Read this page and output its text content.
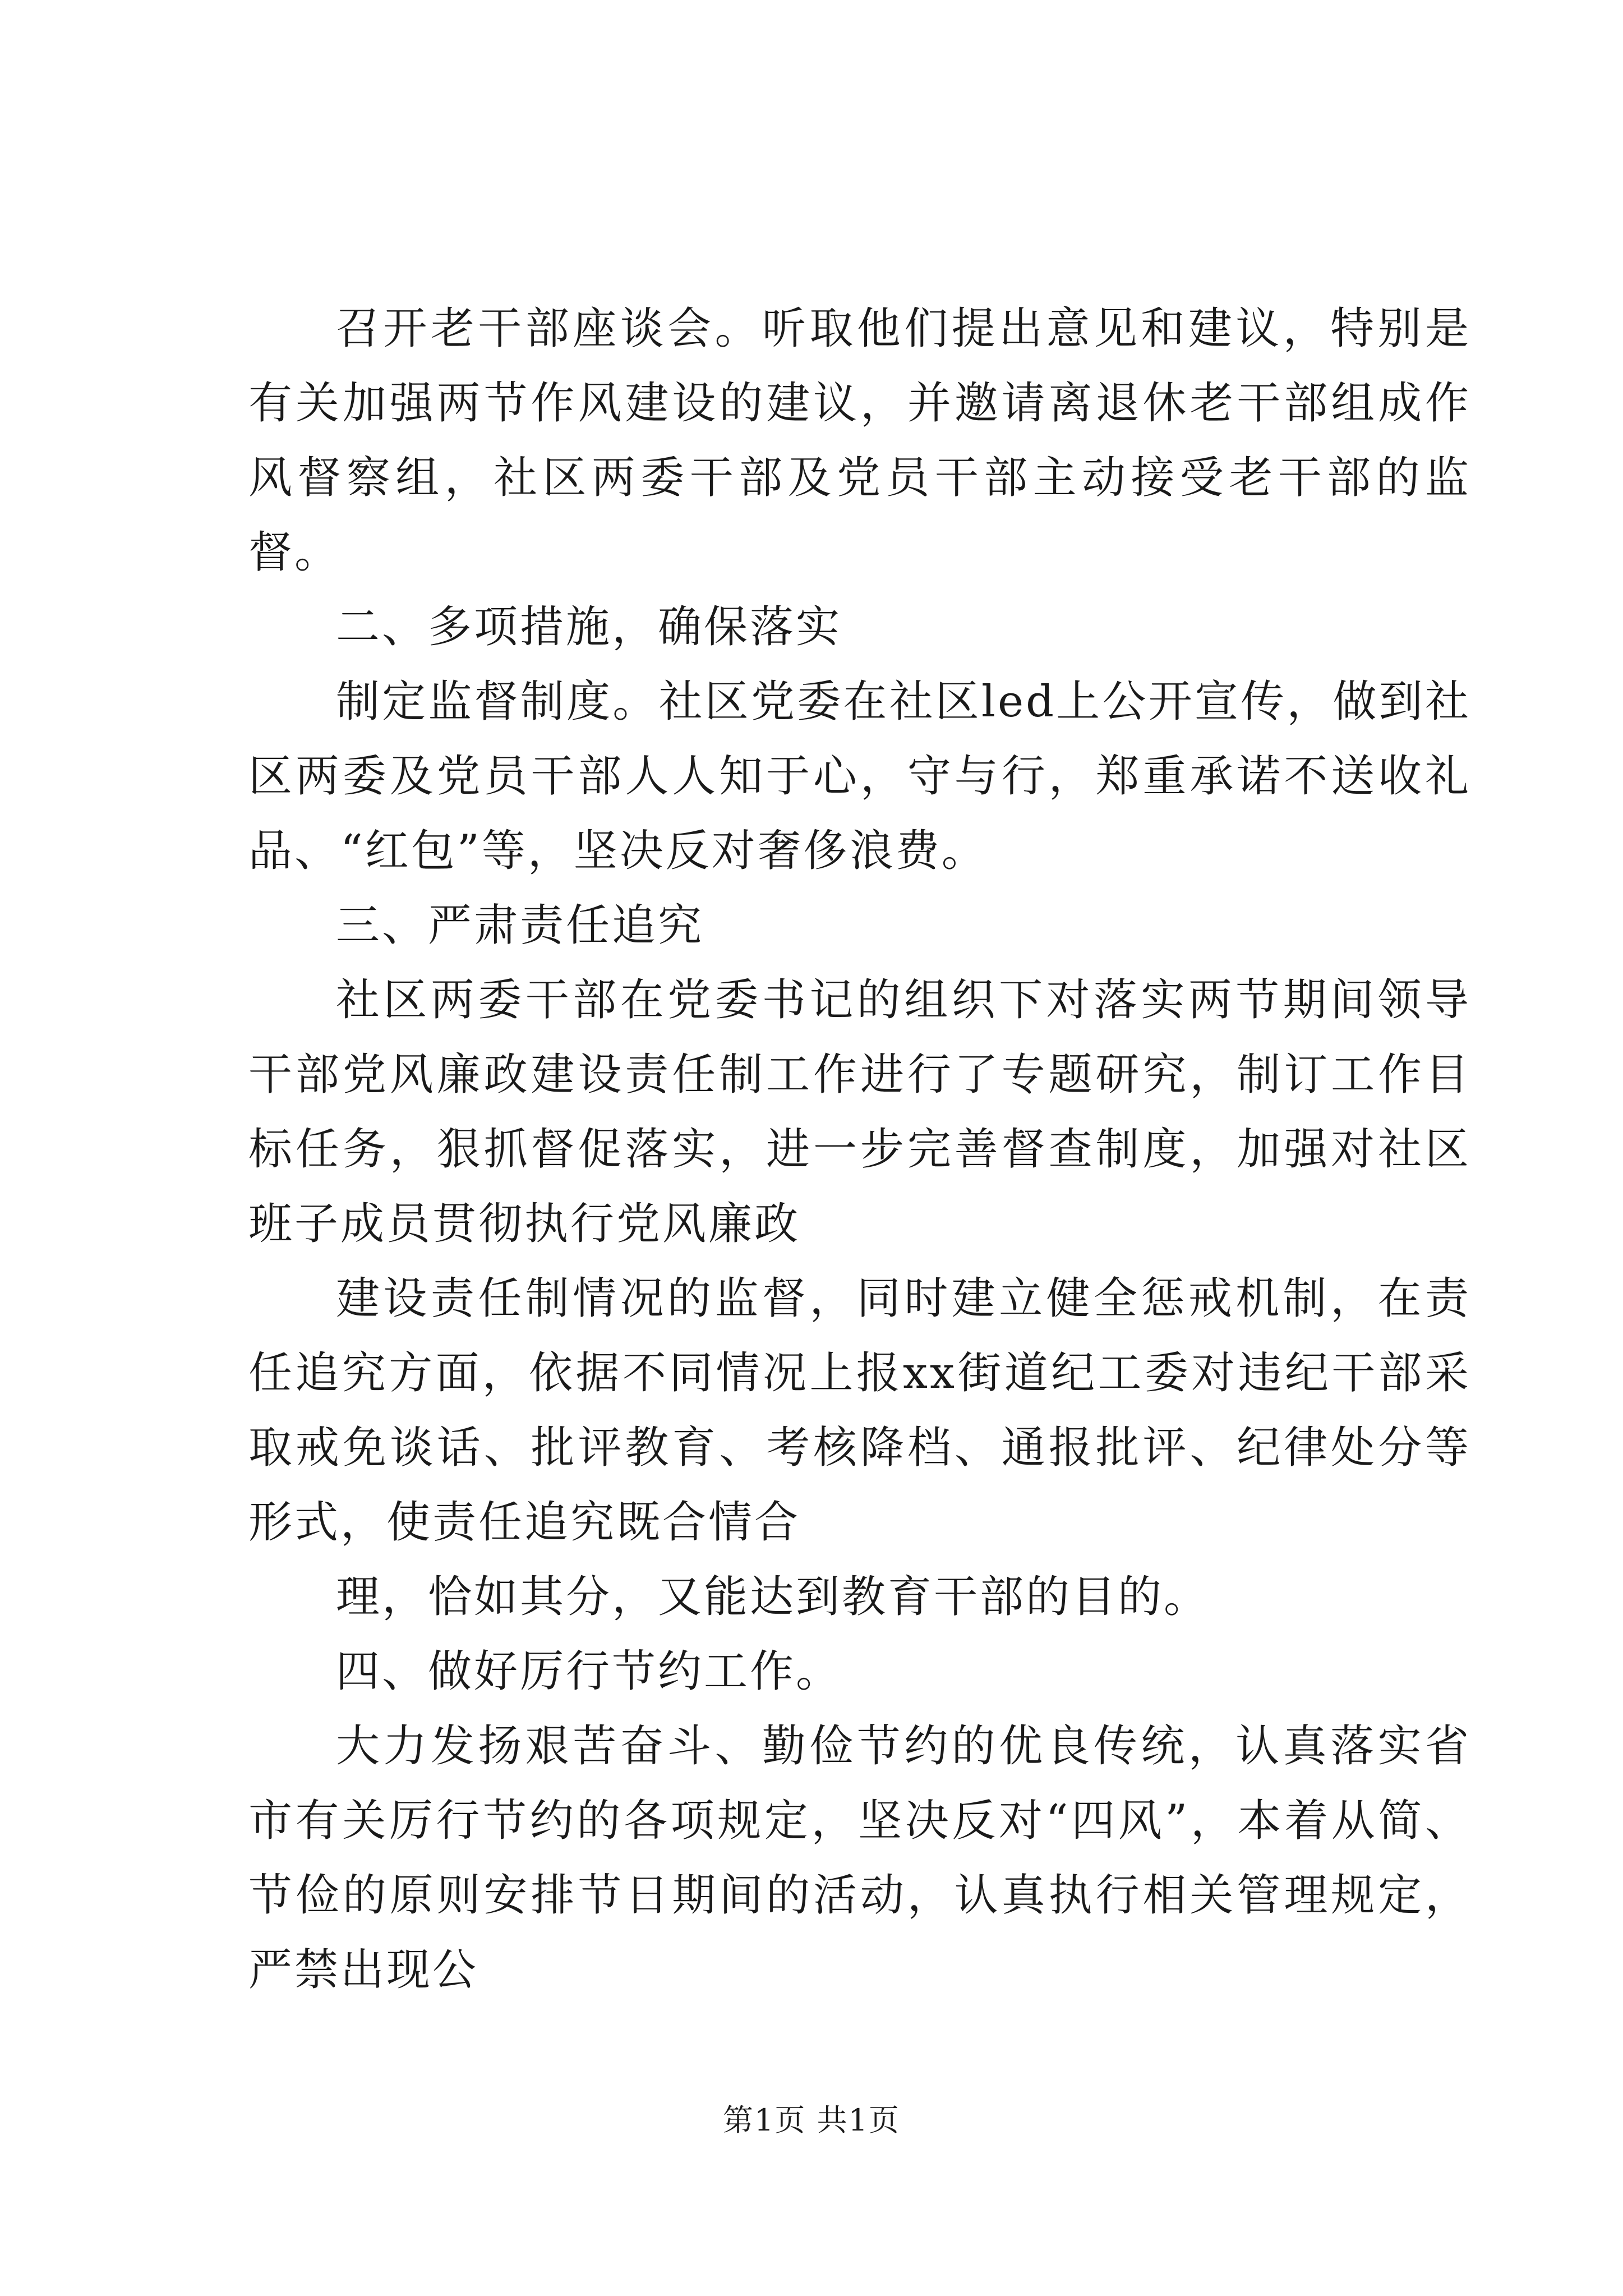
召开老干部座谈会。听取他们提出意见和建议，特别是有关加强两节作风建设的建议，并邀请离退休老干部组成作风督察组，社区两委干部及党员干部主动接受老干部的监督。

二、多项措施，确保落实

制定监督制度。社区党委在社区led上公开宣传，做到社区两委及党员干部人人知于心，守与行，郑重承诺不送收礼品、“红包”等，坚决反对奢侈浪费。

三、严肃责任追究

社区两委干部在党委书记的组织下对落实两节期间领导干部党风廉政建设责任制工作进行了专题研究，制订工作目标任务，狠抓督促落实，进一步完善督查制度，加强对社区班子成员贯彻执行党风廉政

建设责任制情况的监督，同时建立健全惩戒机制，在责任追究方面，依据不同情况上报xx街道纪工委对违纪干部采取戒免谈话、批评教育、考核降档、通报批评、纪律处分等形式，使责任追究既合情合

理，恰如其分，又能达到教育干部的目的。

四、做好厉行节约工作。

大力发扬艰苦奋斗、勤俭节约的优良传统，认真落实省市有关厉行节约的各项规定，坚决反对“四风”，本着从简、节俭的原则安排节日期间的活动，认真执行相关管理规定，严禁出现公

第1页 共1页
